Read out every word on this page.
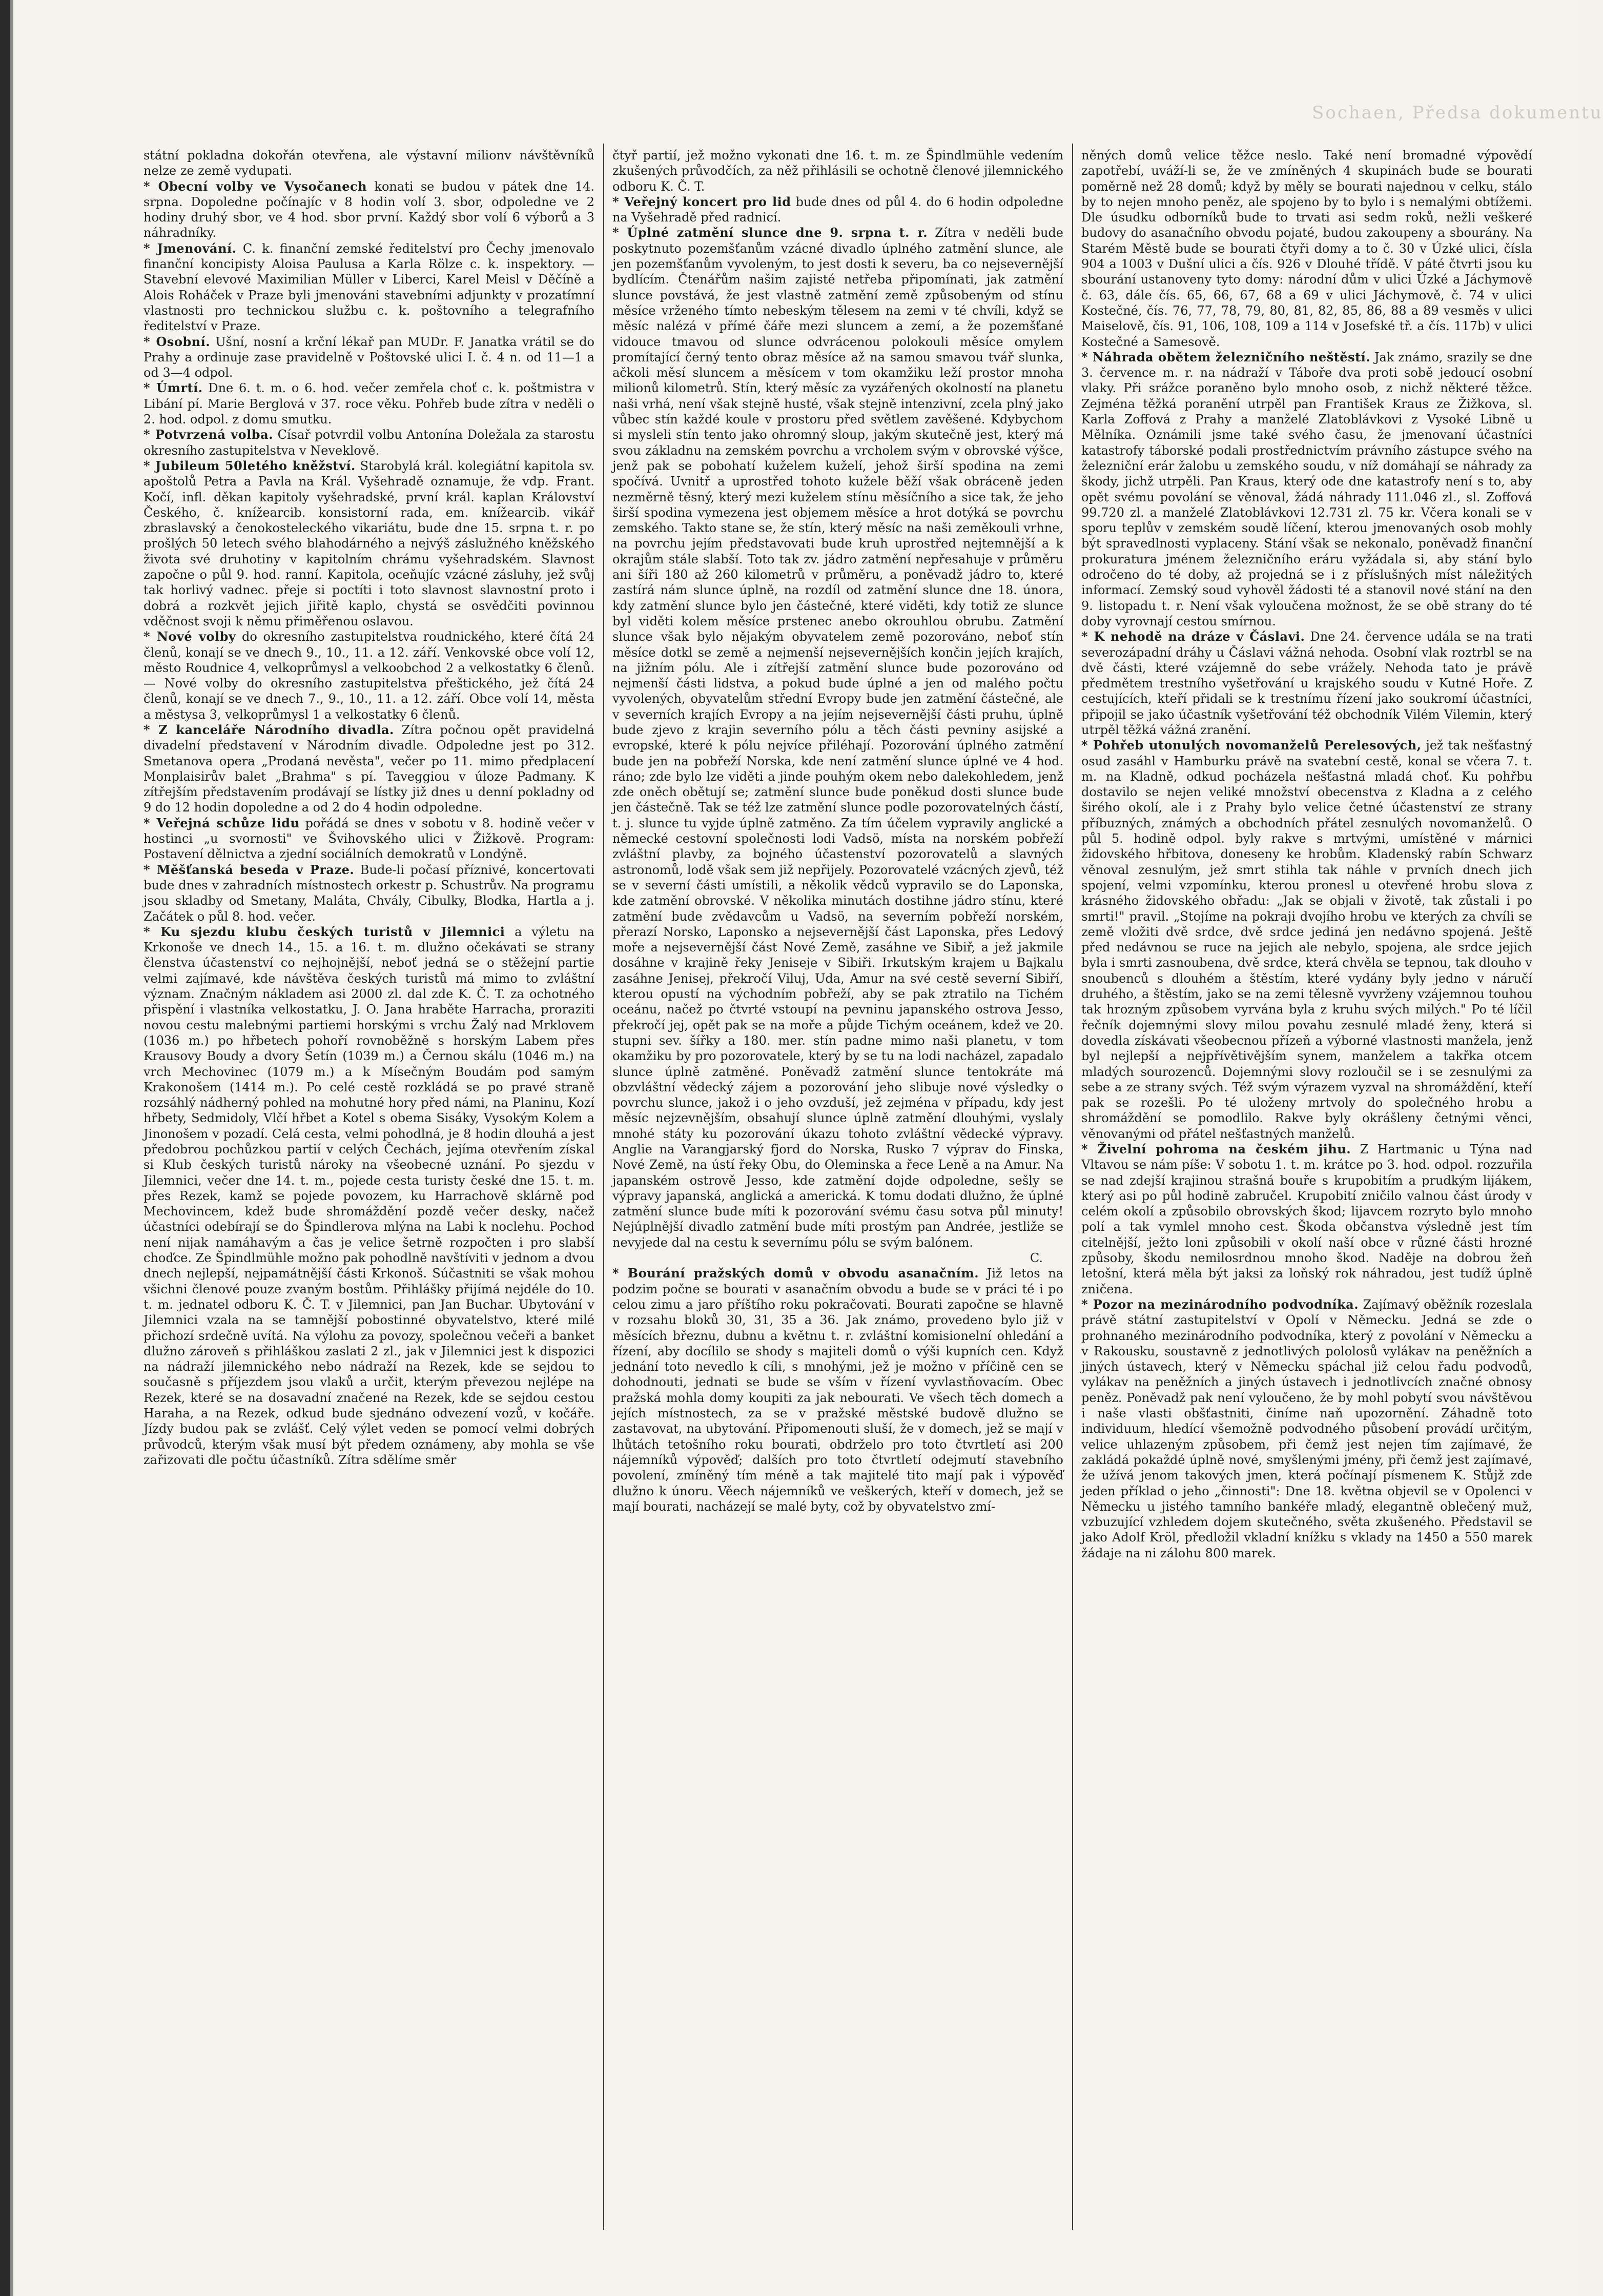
Sochaen, Předsa dokumentu

státní pokladna dokořán otevřena, ale výstavní milionv návštěvníků nelze ze země vydupati.

* Obecní volby ve Vysočanech konati se budou v pátek dne 14. srpna. Dopoledne počínajíc v 8 hodin volí 3. sbor, odpoledne ve 2 hodiny druhý sbor, ve 4 hod. sbor první. Každý sbor volí 6 výborů a 3 náhradníky.

* Jmenování. C. k. finanční zemské ředitelství pro Čechy jmenovalo finanční koncipisty Aloisa Paulusa a Karla Rölze c. k. inspektory. — Stavební elevové Maximilian Müller v Liberci, Karel Meisl v Děčíně a Alois Roháček v Praze byli jmenováni stavebními adjunkty v prozatímní vlastnosti pro technickou službu c. k. poštovního a telegrafního ředitelství v Praze.

* Osobní. Ušní, nosní a krční lékař pan MUDr. F. Janatka vrátil se do Prahy a ordinuje zase pravidelně v Poštovské ulici I. č. 4 n. od 11—1 a od 3—4 odpol.

* Úmrtí. Dne 6. t. m. o 6. hod. večer zemřela choť c. k. poštmistra v Libání pí. Marie Berglová v 37. roce věku. Pohřeb bude zítra v neděli o 2. hod. odpol. z domu smutku.

* Potvrzená volba. Císař potvrdil volbu Antonína Doležala za starostu okresního zastupitelstva v Neveklově.

* Jubileum 50letého kněžství. Starobylá král. kolegiátní kapitola sv. apoštolů Petra a Pavla na Král. Vyšehradě oznamuje, že vdp. Frant. Kočí, infl. děkan kapitoly vyšehradské, první král. kaplan Království Českého, č. knížearcib. konsistorní rada, em. knížearcib. vikář zbraslavský a čenokosteleckého vikariátu, bude dne 15. srpna t. r. po prošlých 50 letech svého blahodárného a nejvýš záslužného kněžského života své druhotiny v kapitolním chrámu vyšehradském. Slavnost započne o půl 9. hod. ranní. Kapitola, oceňujíc vzácné zásluhy, jež svůj tak horlivý vadnec. přeje si poctíti i toto slavnost slavnostní proto i dobrá a rozkvět jejich jiřitě kaplo, chystá se osvědčiti povinnou vděčnost svoji k němu přiměřenou oslavou.

* Nové volby do okresního zastupitelstva roudnického, které čítá 24 členů, konají se ve dnech 9., 10., 11. a 12. září. Venkovské obce volí 12, město Roudnice 4, velkoprůmysl a velkoobchod 2 a velkostatky 6 členů. — Nové volby do okresního zastupitelstva přeštického, jež čítá 24 členů, konají se ve dnech 7., 9., 10., 11. a 12. září. Obce volí 14, města a městysa 3, velkoprůmysl 1 a velkostatky 6 členů.

* Z kanceláře Národního divadla. Zítra počnou opět pravidelná divadelní představení v Národním divadle. Odpoledne jest po 312. Smetanova opera „Prodaná nevěsta", večer po 11. mimo předplacení Monplaisirův balet „Brahma" s pí. Taveggiou v úloze Padmany. K zítřejším představením prodávají se lístky již dnes u denní pokladny od 9 do 12 hodin dopoledne a od 2 do 4 hodin odpoledne.

* Veřejná schůze lidu pořádá se dnes v sobotu v 8. hodině večer v hostinci „u svornosti" ve Švihovského ulici v Žižkově. Program: Postavení dělnictva a zjední sociálních demokratů v Londýně.

* Měšťanská beseda v Praze. Bude-li počasí příznivé, koncertovati bude dnes v zahradních místnostech orkestr p. Schustrův. Na programu jsou skladby od Smetany, Maláta, Chvály, Cibulky, Blodka, Hartla a j. Začátek o půl 8. hod. večer.

* Ku sjezdu klubu českých turistů v Jilemnici a výletu na Krkonoše ve dnech 14., 15. a 16. t. m. dlužno očekávati se strany členstva účastenství co nejhojnější, neboť jedná se o stěžejní partie velmi zajímavé, kde návštěva českých turistů má mimo to zvláštní význam. Značným nákladem asi 2000 zl. dal zde K. Č. T. za ochotného přispění i vlastníka velkostatku, J. O. Jana hraběte Harracha, proraziti novou cestu malebnými partiemi horskými s vrchu Žalý nad Mrklovem (1036 m.) po hřbetech pohoří rovnoběžně s horským Labem přes Krausovy Boudy a dvory Šetín (1039 m.) a Černou skálu (1046 m.) na vrch Mechovinec (1079 m.) a k Mísečným Boudám pod samým Krakonošem (1414 m.). Po celé cestě rozkládá se po pravé straně rozsáhlý nádherný pohled na mohutné hory před námi, na Planinu, Kozí hřbety, Sedmidoly, Vlčí hřbet a Kotel s obema Sisáky, Vysokým Kolem a Jinonošem v pozadí. Celá cesta, velmi pohodlná, je 8 hodin dlouhá a jest předobrou pochůzkou partií v celých Čechách, jejíma otevřením získal si Klub českých turistů nároky na všeobecné uznání. Po sjezdu v Jilemnici, večer dne 14. t. m., pojede cesta turisty české dne 15. t. m. přes Rezek, kamž se pojede povozem, ku Harrachově sklárně pod Mechovincem, kdež bude shromáždění pozdě večer desky, načež účastníci odebírají se do Špindlerova mlýna na Labi k noclehu. Pochod není nijak namáhavým a čas je velice šetrně rozpočten i pro slabší choďce. Ze Špindlmühle možno pak pohodlně navštíviti v jednom a dvou dnech nejlepší, nejpamátnější části Krkonoš. Súčastniti se však mohou všichni členové pouze zvaným bostům. Přihlášky přijímá nejdéle do 10. t. m. jednatel odboru K. Č. T. v Jilemnici, pan Jan Buchar. Ubytování v Jilemnici vzala na se tamnější pobostinné obyvatelstvo, které milé přichozí srdečně uvítá. Na výlohu za povozy, společnou večeři a banket dlužno zároveň s přihláškou zaslati 2 zl., jak v Jilemnici jest k dispozici na nádraží jilemnického nebo nádraží na Rezek, kde se sejdou to současně s příjezdem jsou vlaků a určit, kterým převezou nejlépe na Rezek, které se na dosavadní značené na Rezek, kde se sejdou cestou Haraha, a na Rezek, odkud bude sjednáno odvezení vozů, v kočáře. Jízdy budou pak se zvlášť. Celý výlet veden se pomocí velmi dobrých průvodců, kterým však musí být předem oznámeny, aby mohla se vše zařizovati dle počtu účastníků. Zítra sdělíme směr

čtyř partií, jež možno vykonati dne 16. t. m. ze Špindlmühle vedením zkušených průvodčích, za něž přihlásili se ochotně členové jilemnického odboru K. Č. T.

* Veřejný koncert pro lid bude dnes od půl 4. do 6 hodin odpoledne na Vyšehradě před radnicí.

* Úplné zatmění slunce dne 9. srpna t. r. Zítra v neděli bude poskytnuto pozemšťanům vzácné divadlo úplného zatmění slunce, ale jen pozemšťanům vyvoleným, to jest dosti k severu, ba co nejsevernější bydlícím. Čtenářům našim zajisté netřeba připomínati, jak zatmění slunce povstává, že jest vlastně zatmění země způsobeným od stínu měsíce vrženého tímto nebeským tělesem na zemi v té chvíli, když se měsíc nalézá v přímé čáře mezi sluncem a zemí, a že pozemšťané vidouce tmavou od slunce odvrácenou polokouli měsíce omylem promítající černý tento obraz měsíce až na samou smavou tvář slunka, ačkoli měsí sluncem a měsícem v tom okamžiku leží prostor mnoha milionů kilometrů. Stín, který měsíc za vyzářených okolností na planetu naši vrhá, není však stejně husté, však stejně intenzivní, zcela plný jako vůbec stín každé koule v prostoru před světlem zavěšené. Kdybychom si mysleli stín tento jako ohromný sloup, jakým skutečně jest, který má svou základnu na zemském povrchu a vrcholem svým v obrovské výšce, jenž pak se pobohatí kuželem kuželí, jehož širší spodina na zemi spočívá. Uvnitř a uprostřed tohoto kužele běží však obráceně jeden nezměrně těsný, který mezi kuželem stínu měsíčního a sice tak, že jeho širší spodina vymezena jest objemem měsíce a hrot dotýká se povrchu zemského. Takto stane se, že stín, který měsíc na naši zeměkouli vrhne, na povrchu jejím představovati bude kruh uprostřed nejtemnější a k okrajům stále slabší. Toto tak zv. jádro zatmění nepřesahuje v průměru ani šíři 180 až 260 kilometrů v průměru, a poněvadž jádro to, které zastírá nám slunce úplně, na rozdíl od zatmění slunce dne 18. února, kdy zatmění slunce bylo jen částečné, které viděti, kdy totiž ze slunce byl viděti kolem měsíce prstenec anebo okrouhlou obrubu. Zatmění slunce však bylo nějakým obyvatelem země pozorováno, neboť stín měsíce dotkl se země a nejmenší nejsevernějších končin jejích krajích, na jižním pólu. Ale i zítřejší zatmění slunce bude pozorováno od nejmenší části lidstva, a pokud bude úplné a jen od malého počtu vyvolených, obyvatelům střední Evropy bude jen zatmění částečné, ale v severních krajích Evropy a na jejím nejsevernější části pruhu, úplně bude zjevo z krajin severního pólu a těch části pevniny asijské a evropské, které k pólu nejvíce přiléhají. Pozorování úplného zatmění bude jen na pobřeží Norska, kde není zatmění slunce úplné ve 4 hod. ráno; zde bylo lze viděti a jinde pouhým okem nebo dalekohledem, jenž zde oněch obětují se; zatmění slunce bude poněkud dosti slunce bude jen částečně. Tak se též lze zatmění slunce podle pozorovatelných částí, t. j. slunce tu vyjde úplně zatměno. Za tím účelem vypravily anglické a německé cestovní společnosti lodi Vadsö, místa na norském pobřeží zvláštní plavby, za bojného účastenství pozorovatelů a slavných astronomů, lodě však sem již nepřijely. Pozorovatelé vzácných zjevů, též se v severní části umístili, a několik vědců vypravilo se do Laponska, kde zatmění obrovské. V několika minutách dostihne jádro stínu, které zatmění bude zvědavcům u Vadsö, na severním pobřeží norském, přerazí Norsko, Laponsko a nejsevernější část Laponska, přes Ledový moře a nejsevernější část Nové Země, zasáhne ve Sibiř, a jež jakmile dosáhne v krajině řeky Jeniseje v Sibiři. Irkutským krajem u Bajkalu zasáhne Jenisej, překročí Viluj, Uda, Amur na své cestě severní Sibiří, kterou opustí na východním pobřeží, aby se pak ztratilo na Tichém oceánu, načež po čtvrté vstoupí na pevninu japanského ostrova Jesso, překročí jej, opět pak se na moře a půjde Tichým oceánem, kdež ve 20. stupni sev. šířky a 180. mer. stín padne mimo naši planetu, v tom okamžiku by pro pozorovatele, který by se tu na lodi nacházel, zapadalo slunce úplně zatměné. Poněvadž zatmění slunce tentokráte má obzvláštní vědecký zájem a pozorování jeho slibuje nové výsledky o povrchu slunce, jakož i o jeho ovzduší, jež zejména v případu, kdy jest měsíc nejzevnějším, obsahují slunce úplně zatmění dlouhými, vyslaly mnohé státy ku pozorování úkazu tohoto zvláštní vědecké výpravy. Anglie na Varangjarský fjord do Norska, Rusko 7 výprav do Finska, Nové Země, na ústí řeky Obu, do Oleminska a řece Leně a na Amur. Na japanském ostrově Jesso, kde zatmění dojde odpoledne, sešly se výpravy japanská, anglická a americká. K tomu dodati dlužno, že úplné zatmění slunce bude míti k pozorování svému času sotva půl minuty! Nejúplnější divadlo zatmění bude míti prostým pan Andrée, jestliže se nevyjede dal na cestu k severnímu pólu se svým balónem.

C.

* Bourání pražských domů v obvodu asanačním. Již letos na podzim počne se bourati v asanačním obvodu a bude se v práci té i po celou zimu a jaro příštího roku pokračovati. Bourati započne se hlavně v rozsahu bloků 30, 31, 35 a 36. Jak známo, provedeno bylo již v měsících březnu, dubnu a květnu t. r. zvláštní komisionelní ohledání a řízení, aby docílilo se shody s majiteli domů o výši kupních cen. Když jednání toto nevedlo k cíli, s mnohými, jež je možno v příčině cen se dohodnouti, jednati se bude se vším v řízení vyvlastňovacím. Obec pražská mohla domy koupiti za jak nebourati. Ve všech těch domech a jejích místnostech, za se v pražské městské budově dlužno se zastavovat, na ubytování. Připomenouti sluší, že v domech, jež se mají v lhůtách tetošního roku bourati, obdrželo pro toto čtvrtletí asi 200 nájemníků výpověď; dalších pro toto čtvrtletí odejmutí stavebního povolení, zmíněný tím méně a tak majitelé tito mají pak i výpověď dlužno k únoru. Věech nájemníků ve veškerých, kteří v domech, jež se mají bourati, nacházejí se malé byty, což by obyvatelstvo zmí-

něných domů velice těžce neslo. Také není bromadné výpovědí zapotřebí, uváží-li se, že ve zmíněných 4 skupinách bude se bourati poměrně než 28 domů; když by měly se bourati najednou v celku, stálo by to nejen mnoho peněz, ale spojeno by to bylo i s nemalými obtížemi. Dle úsudku odborníků bude to trvati asi sedm roků, nežli veškeré budovy do asanačního obvodu pojaté, budou zakoupeny a sbourány. Na Starém Městě bude se bourati čtyři domy a to č. 30 v Úzké ulici, čísla 904 a 1003 v Dušní ulici a čís. 926 v Dlouhé třídě. V páté čtvrti jsou ku sbourání ustanoveny tyto domy: národní dům v ulici Úzké a Jáchymově č. 63, dále čís. 65, 66, 67, 68 a 69 v ulici Jáchymově, č. 74 v ulici Kostečné, čís. 76, 77, 78, 79, 80, 81, 82, 85, 86, 88 a 89 vesměs v ulici Maiselově, čís. 91, 106, 108, 109 a 114 v Josefské tř. a čís. 117b) v ulici Kostečné a Samesově.

* Náhrada obětem železničního neštěstí. Jak známo, srazily se dne 3. července m. r. na nádraží v Táboře dva proti sobě jedoucí osobní vlaky. Při srážce poraněno bylo mnoho osob, z nichž některé těžce. Zejména těžká poranění utrpěl pan František Kraus ze Žižkova, sl. Karla Zoffová z Prahy a manželé Zlatoblávkovi z Vysoké Libně u Mělníka. Oznámili jsme také svého času, že jmenovaní účastníci katastrofy táborské podali prostřednictvím právního zástupce svého na železniční erár žalobu u zemského soudu, v níž domáhají se náhrady za škody, jichž utrpěli. Pan Kraus, který ode dne katastrofy není s to, aby opět svému povolání se věnoval, žádá náhrady 111.046 zl., sl. Zoffová 99.720 zl. a manželé Zlatoblávkovi 12.731 zl. 75 kr. Včera konali se v sporu teplův v zemském soudě líčení, kterou jmenovaných osob mohly být spravedlnosti vyplaceny. Stání však se nekonalo, poněvadž finanční prokuratura jménem železničního eráru vyžádala si, aby stání bylo odročeno do té doby, až projedná se i z příslušných míst náležitých informací. Zemský soud vyhověl žádosti té a stanovil nové stání na den 9. listopadu t. r. Není však vyloučena možnost, že se obě strany do té doby vyrovnají cestou smírnou.

* K nehodě na dráze v Čáslavi. Dne 24. července udála se na trati severozápadní dráhy u Čáslavi vážná nehoda. Osobní vlak roztrbl se na dvě části, které vzájemně do sebe vrážely. Nehoda tato je právě předmětem trestního vyšetřování u krajského soudu v Kutné Hoře. Z cestujících, kteří přidali se k trestnímu řízení jako soukromí účastníci, připojil se jako účastník vyšetřování též obchodník Vilém Vilemin, který utrpěl těžká vážná zranění.

* Pohřeb utonulých novomanželů Perelesových, jež tak nešťastný osud zasáhl v Hamburku právě na svatební cestě, konal se včera 7. t. m. na Kladně, odkud pocházela nešťastná mladá choť. Ku pohřbu dostavilo se nejen veliké množství obecenstva z Kladna a z celého širého okolí, ale i z Prahy bylo velice četné účastenství ze strany příbuzných, známých a obchodních přátel zesnulých novomanželů. O půl 5. hodině odpol. byly rakve s mrtvými, umístěné v márnici židovského hřbitova, doneseny ke hrobům. Kladenský rabín Schwarz věnoval zesnulým, jež smrt stihla tak náhle v prvních dnech jich spojení, velmi vzpomínku, kterou pronesl u otevřené hrobu slova z krásného židovského obřadu: „Jak se objali v životě, tak zůstali i po smrti!" pravil. „Stojíme na pokraji dvojího hrobu ve kterých za chvíli se země vložiti dvě srdce, dvě srdce jediná jen nedávno spojená. Ještě před nedávnou se ruce na jejich ale nebylo, spojena, ale srdce jejich byla i smrti zasnoubena, dvě srdce, která chvěla se tepnou, tak dlouho v snoubenců s dlouhém a štěstím, které vydány byly jedno v náručí druhého, a štěstím, jako se na zemi tělesně vyvrženy vzájemnou touhou tak hrozným způsobem vyrvána byla z kruhu svých milých." Po té líčil řečník dojemnými slovy milou povahu zesnulé mladé ženy, která si dovedla získávati všeobecnou přízeň a výborné vlastnosti manžela, jenž byl nejlepší a nejpřívětivějším synem, manželem a takřka otcem mladých sourozenců. Dojemnými slovy rozloučil se i se zesnulými za sebe a ze strany svých. Též svým výrazem vyzval na shromáždění, kteří pak se rozešli. Po té uloženy mrtvoly do společného hrobu a shromáždění se pomodlilo. Rakve byly okrášleny četnými věnci, věnovanými od přátel nešťastných manželů.

* Živelní pohroma na českém jihu. Z Hartmanic u Týna nad Vltavou se nám píše: V sobotu 1. t. m. krátce po 3. hod. odpol. rozzuřila se nad zdejší krajinou strašná bouře s krupobitím a prudkým lijákem, který asi po půl hodině zabručel. Krupobití zničilo valnou část úrody v celém okolí a způsobilo obrovských škod; lijavcem rozryto bylo mnoho polí a tak vymlel mnoho cest. Škoda občanstva výsledně jest tím citelnější, ježto loni způsobili v okolí naší obce v různé části hrozné způsoby, škodu nemilosrdnou mnoho škod. Naděje na dobrou žeň letošní, která měla být jaksi za loňský rok náhradou, jest tudíž úplně zničena.

* Pozor na mezinárodního podvodníka. Zajímavý oběžník rozeslala právě státní zastupitelství v Opolí v Německu. Jedná se zde o prohnaného mezinárodního podvodníka, který z povolání v Německu a v Rakousku, soustavně z jednotlivých pololosů vylákav na peněžních a jiných ústavech, který v Německu spáchal již celou řadu podvodů, vylákav na peněžních a jiných ústavech i jednotlivcích značné obnosy peněz. Poněvadž pak není vyloučeno, že by mohl pobytí svou návštěvou i naše vlasti obšťastniti, činíme naň upozornění. Záhadně toto individuum, hledící všemožně podvodného působení provádí určitým, velice uhlazeným způsobem, při čemž jest nejen tím zajímavé, že zakládá pokaždé úplně nové, smyšlenými jmény, při čemž jest zajímavé, že užívá jenom takových jmen, která počínají písmenem K. Stůjž zde jeden příklad o jeho „činnosti": Dne 18. května objevil se v Opolenci v Německu u jistého tamního bankéře mladý, elegantně oblečený muž, vzbuzující vzhledem dojem skutečného, světa zkušeného. Představil se jako Adolf Kröl, předložil vkladní knížku s vklady na 1450 a 550 marek žádaje na ni zálohu 800 marek.
